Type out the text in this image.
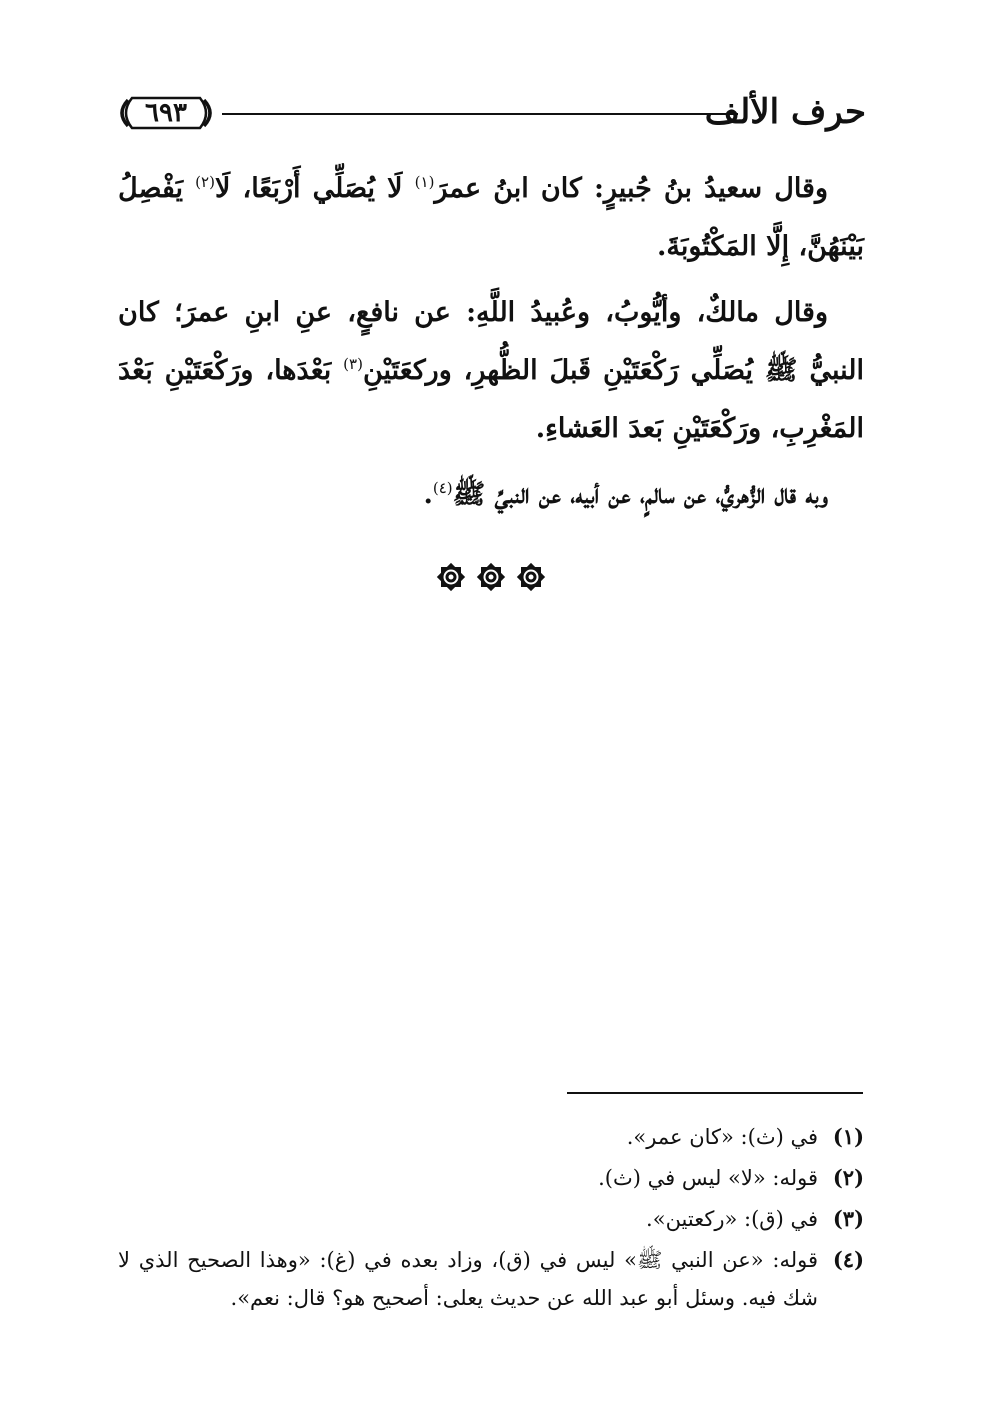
حرف الألف
٦٩٣

وقال سعيدُ بنُ جُبيرٍ: كان ابنُ عمرَ$^{(١)}$ لَا يُصَلِّي أَرْبَعًا، لَا$^{(٢)}$ يَفْصِلُ بَيْنَهُنَّ، إِلَّا المَكْتُوبَةَ.

وقال مالكٌ، وأيُّوبُ، وعُبيدُ اللَّهِ: عن نافعٍ، عنِ ابنِ عمرَ؛ كان النبيُّ ﷺ يُصَلِّي رَكْعَتَيْنِ قَبلَ الظُّهرِ، وركعَتَيْنِ$^{(٣)}$ بَعْدَها، ورَكْعَتَيْنِ بَعْدَ المَغْرِبِ، ورَكْعَتَيْنِ بَعدَ العَشاءِ.

وبه قال الزُّهريُّ، عن سالمٍ، عن أبيه، عن النبيِّ ﷺ$^{(٤)}$.

(١)
في (ث): «كان عمر».
(٢)
قوله: «لا» ليس في (ث).
(٣)
في (ق): «ركعتين».
(٤)
قوله: «عن النبي ﷺ» ليس في (ق)، وزاد بعده في (غ): «وهذا الصحيح الذي لا شك فيه. وسئل أبو عبد الله عن حديث يعلى: أصحيح هو؟ قال: نعم».
